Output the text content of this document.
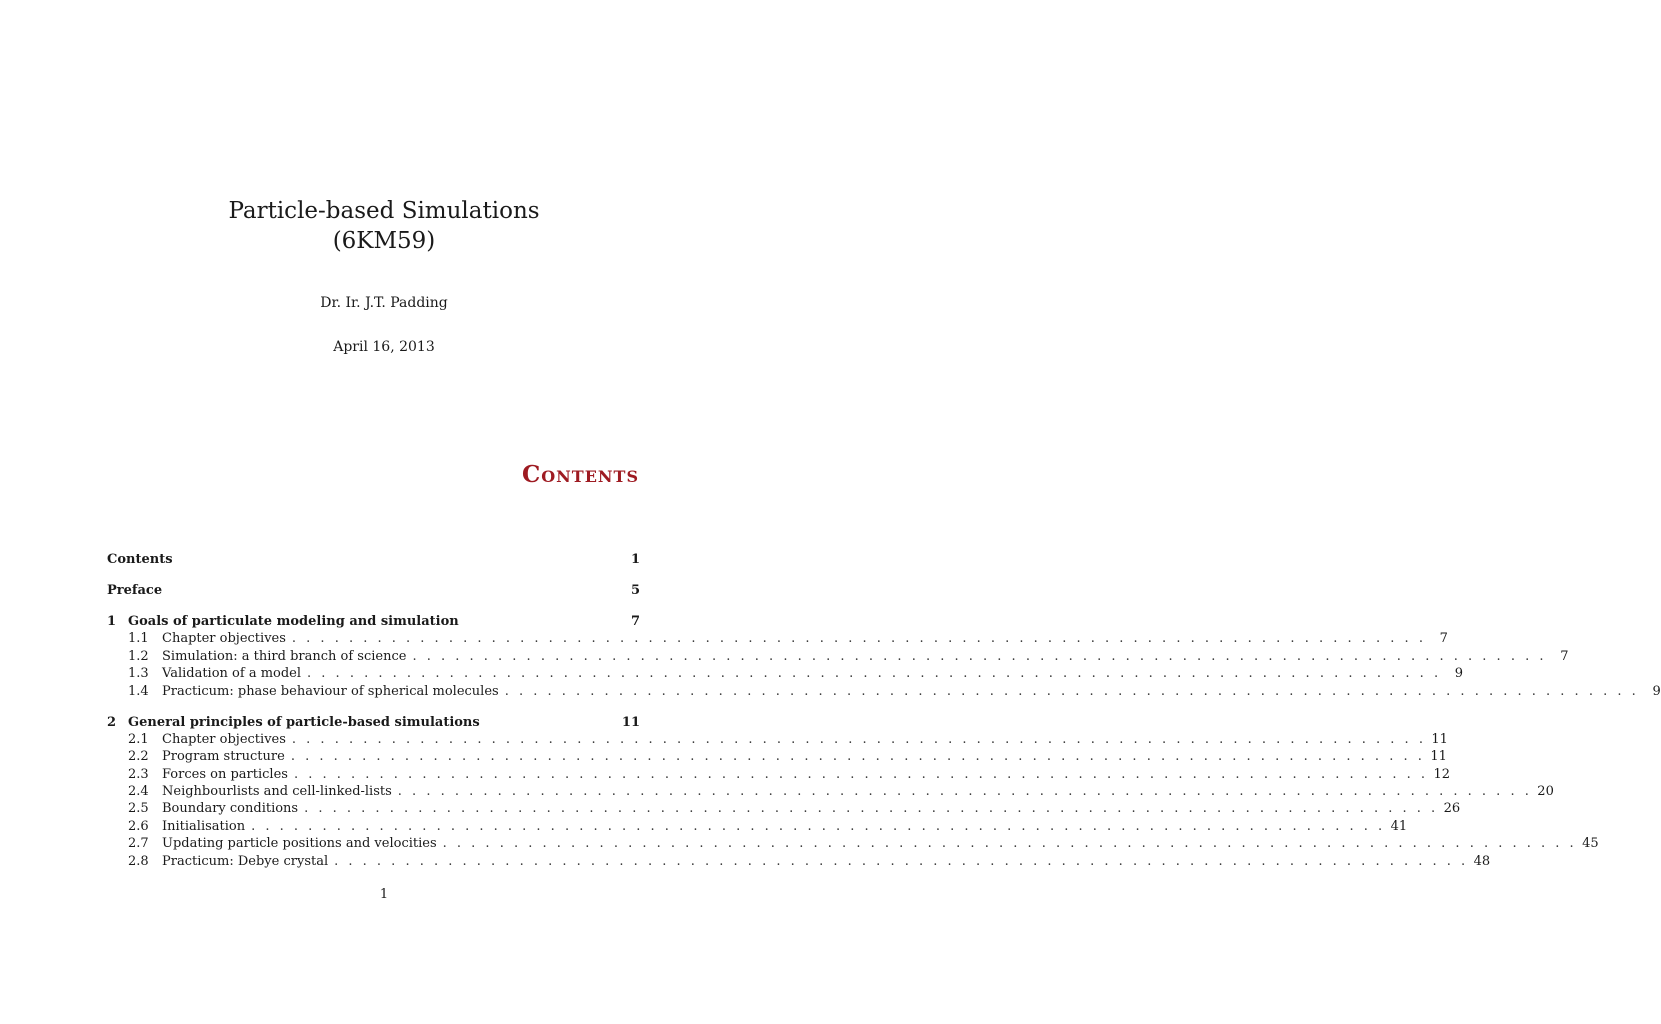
Particle-based Simulations
(6KM59)
Dr. Ir. J.T. Padding
April 16, 2013
Contents
Contents	1
Preface	5
1 Goals of particulate modeling and simulation	7
1.1 Chapter objectives . . . . . . . . . . . . . . . . . . . . . . . . . . . . . . . . . . . . . . . . . . . . . . . . . . . . . . . . . . . . . . . . . . . . . . . . . . . . . . . .	7
1.2 Simulation: a third branch of science . . . . . . . . . . . . . . . . . . . . . . . . . . . . . . . . . . . . . . . . . . . . . . . . . . . . . . . . . . . . . . . . . . . . . . . . . . . . . . . .	7
1.3 Validation of a model . . . . . . . . . . . . . . . . . . . . . . . . . . . . . . . . . . . . . . . . . . . . . . . . . . . . . . . . . . . . . . . . . . . . . . . . . . . . . . . .	9
1.4 Practicum: phase behaviour of spherical molecules . . . . . . . . . . . . . . . . . . . . . . . . . . . . . . . . . . . . . . . . . . . . . . . . . . . . . . . . . . . . . . . . . . . . . . . . . . . . . . . .	9
2 General principles of particle-based simulations	11
2.1 Chapter objectives . . . . . . . . . . . . . . . . . . . . . . . . . . . . . . . . . . . . . . . . . . . . . . . . . . . . . . . . . . . . . . . . . . . . . . . . . . . . . . . . 11
2.2 Program structure . . . . . . . . . . . . . . . . . . . . . . . . . . . . . . . . . . . . . . . . . . . . . . . . . . . . . . . . . . . . . . . . . . . . . . . . . . . . . . . . 11
2.3 Forces on particles . . . . . . . . . . . . . . . . . . . . . . . . . . . . . . . . . . . . . . . . . . . . . . . . . . . . . . . . . . . . . . . . . . . . . . . . . . . . . . . . 12
2.4 Neighbourlists and cell-linked-lists . . . . . . . . . . . . . . . . . . . . . . . . . . . . . . . . . . . . . . . . . . . . . . . . . . . . . . . . . . . . . . . . . . . . . . . . . . . . . . . . 20
2.5 Boundary conditions . . . . . . . . . . . . . . . . . . . . . . . . . . . . . . . . . . . . . . . . . . . . . . . . . . . . . . . . . . . . . . . . . . . . . . . . . . . . . . . . 26
2.6 Initialisation . . . . . . . . . . . . . . . . . . . . . . . . . . . . . . . . . . . . . . . . . . . . . . . . . . . . . . . . . . . . . . . . . . . . . . . . . . . . . . . . 41
2.7 Updating particle positions and velocities . . . . . . . . . . . . . . . . . . . . . . . . . . . . . . . . . . . . . . . . . . . . . . . . . . . . . . . . . . . . . . . . . . . . . . . . . . . . . . . . 45
2.8 Practicum: Debye crystal . . . . . . . . . . . . . . . . . . . . . . . . . . . . . . . . . . . . . . . . . . . . . . . . . . . . . . . . . . . . . . . . . . . . . . . . . . . . . . . . 48
1
